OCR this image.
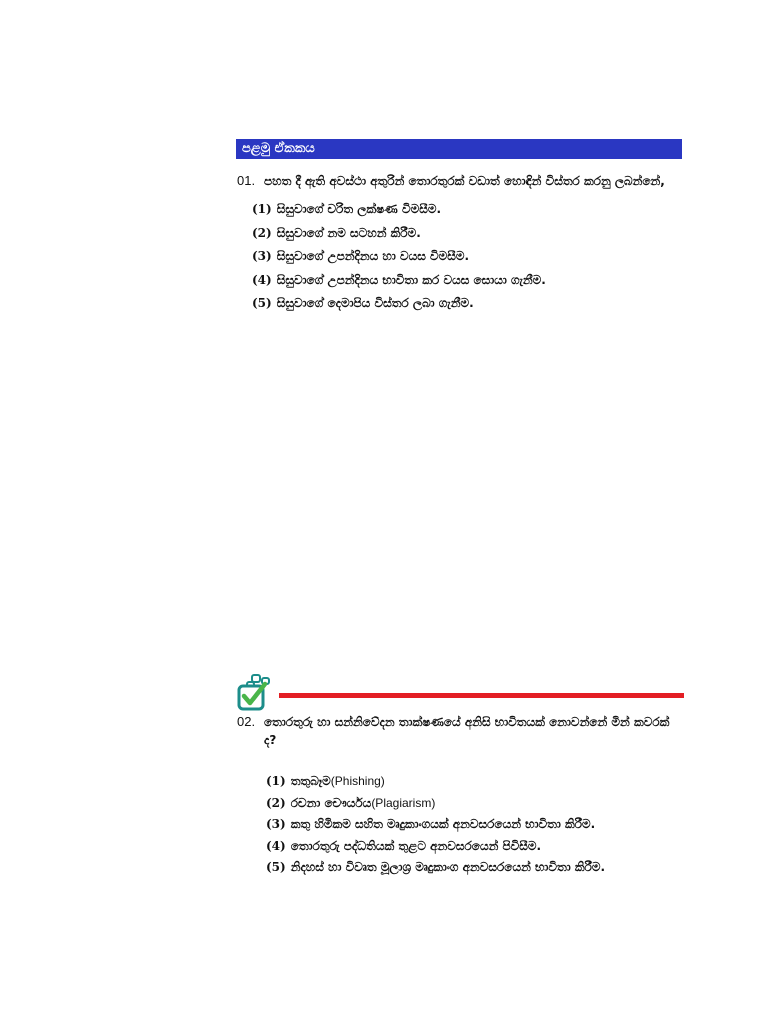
පළමු ඒකකය
01. පහත දී ඇති අවස්ථා අතුරින් තොරතුරක් වඩාත් හොඳින් විස්තර කරනු ලබන්නේ,
(1) සිසුවාගේ චරිත ලක්ෂණ විමසීම.
(2) සිසුවාගේ නම සටහන් කිරීම.
(3) සිසුවාගේ උපන්දිනය හා වයස විමසීම.
(4) සිසුවාගේ උපන්දිනය භාවිතා කර වයස සොයා ගැනීම.
(5) සිසුවාගේ දෙමාපිය විස්තර ලබා ගැනීම.
02. තොරතුරු හා සන්නිවේදන තාක්ෂණයේ අනිසි භාවිතයක් නොවන්නේ මින් කවරක් ද?
(1) තතුබෑම (Phishing)
(2) රචනා චෞර්යය (Plagiarism)
(3) කතු හිමිකම සහිත මෘදුකාංගයක් අනවසරයෙන් භාවිතා කිරීම.
(4) තොරතුරු පද්ධතියක් තුළට අනවසරයෙන් පිවිසීම.
(5) නිදහස් හා විවෘත මූලාශ්‍ර මෘදුකාංග අනවසරයෙන් භාවිතා කිරීම.
